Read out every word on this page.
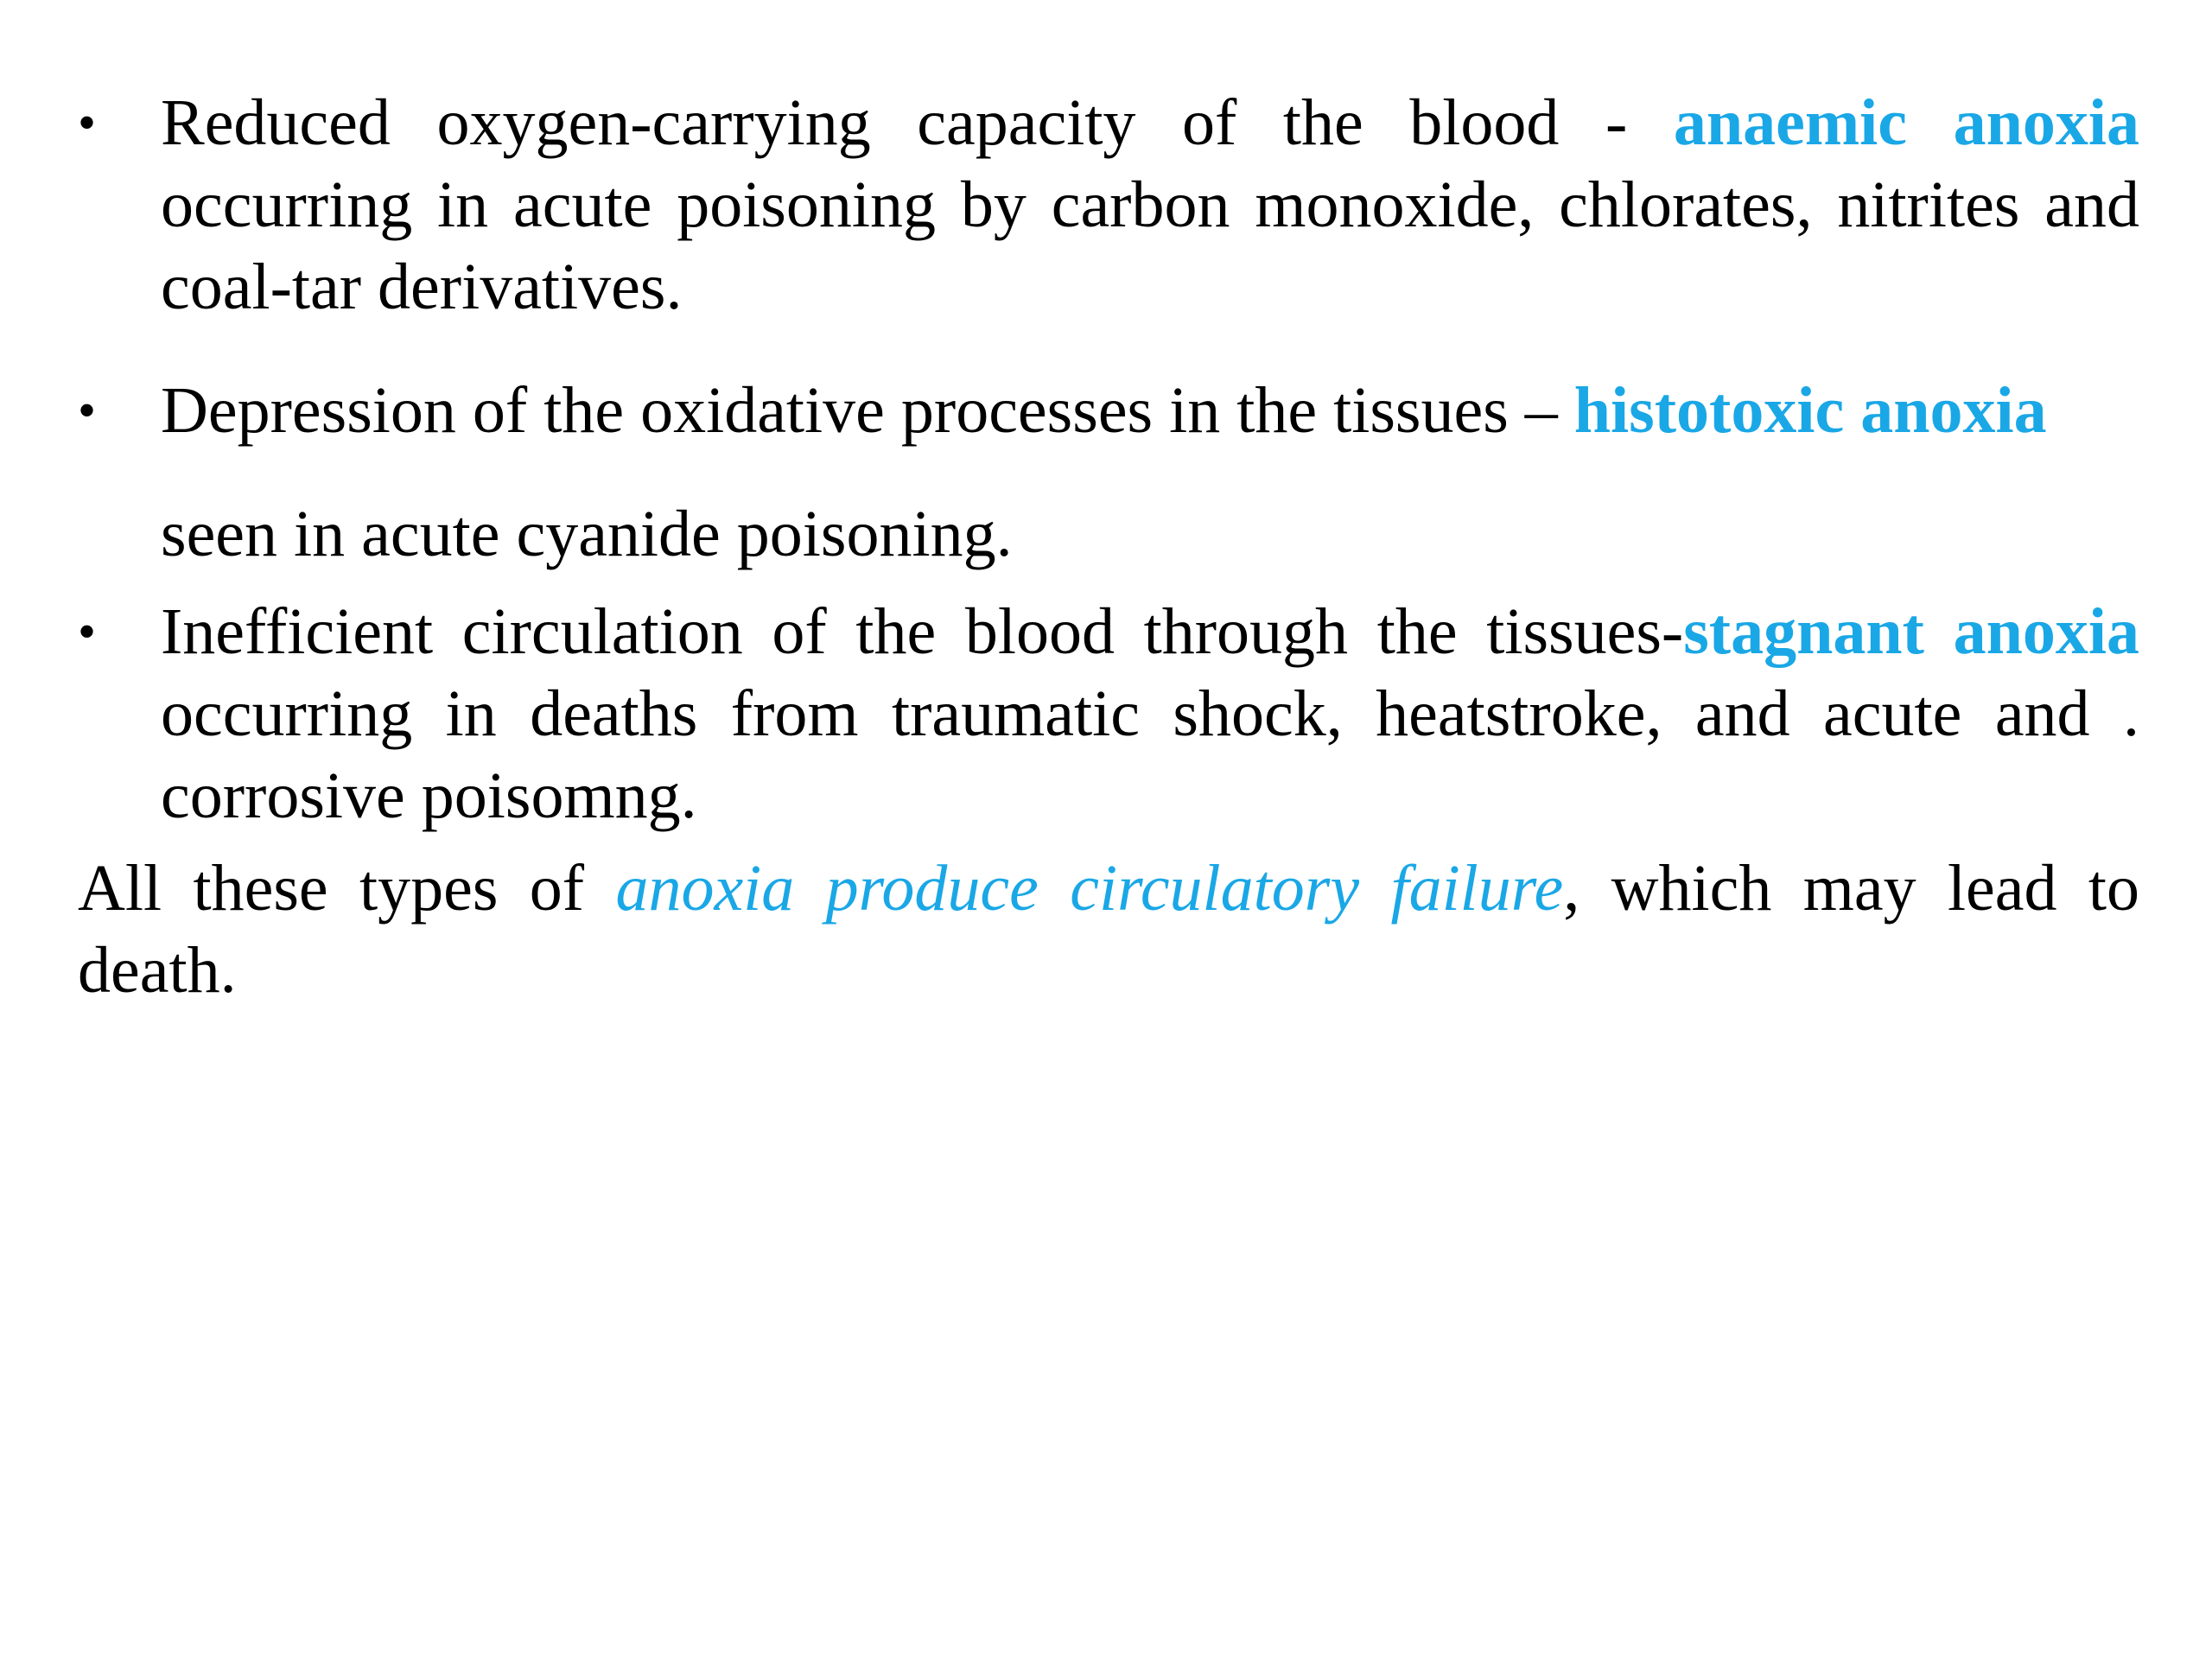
• Reduced oxygen-carrying capacity of the blood - anaemic anoxia occurring in acute poisoning by carbon monoxide, chlorates, nitrites and coal-tar derivatives.
• Depression of the oxidative processes in the tissues – histotoxic anoxia
seen in acute cyanide poisoning.
• Inefficient circulation of the blood through the tissues-stagnant anoxia occurring in deaths from traumatic shock, heatstroke, and acute and . corrosive poisomng.

All these types of anoxia produce circulatory failure, which may lead to death.
